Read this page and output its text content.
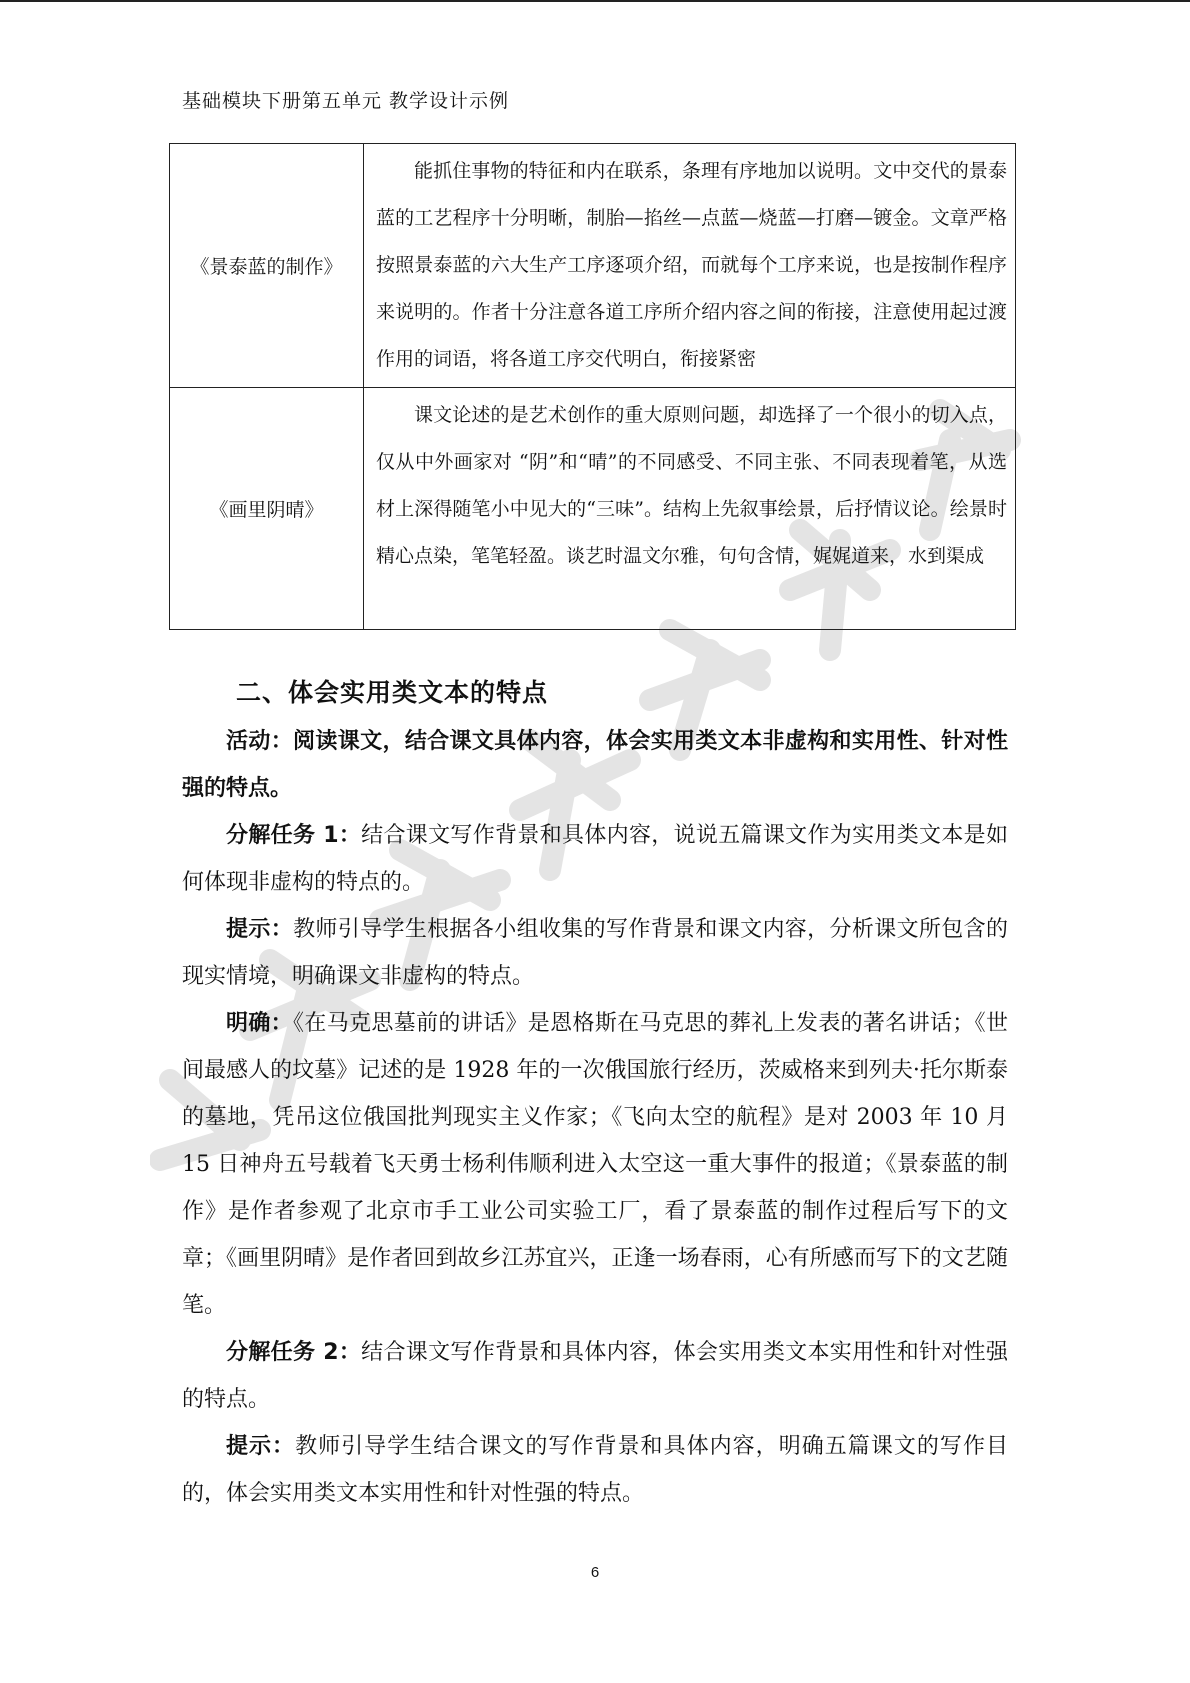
基础模块下册第五单元 教学设计示例
《景泰蓝的制作》	能抓住事物的特征和内在联系，条理有序地加以说明。文中交代的景泰蓝的工艺程序十分明晰，制胎—掐丝—点蓝—烧蓝—打磨—镀金。文章严格按照景泰蓝的六大生产工序逐项介绍，而就每个工序来说，也是按制作程序来说明的。作者十分注意各道工序所介绍内容之间的衔接，注意使用起过渡作用的词语，将各道工序交代明白，衔接紧密
《画里阴晴》	课文论述的是艺术创作的重大原则问题，却选择了一个很小的切入点，仅从中外画家对 “阴”和“晴”的不同感受、不同主张、不同表现着笔，从选材上深得随笔小中见大的“三味”。结构上先叙事绘景，后抒情议论。绘景时精心点染，笔笔轻盈。谈艺时温文尔雅，句句含情，娓娓道来，水到渠成
二、体会实用类文本的特点

活动：阅读课文，结合课文具体内容，体会实用类文本非虚构和实用性、针对性强的特点。

分解任务 1：结合课文写作背景和具体内容，说说五篇课文作为实用类文本是如何体现非虚构的特点的。

提示：教师引导学生根据各小组收集的写作背景和课文内容，分析课文所包含的现实情境，明确课文非虚构的特点。

明确：《在马克思墓前的讲话》是恩格斯在马克思的葬礼上发表的著名讲话；《世间最感人的坟墓》记述的是 1928 年的一次俄国旅行经历，茨威格来到列夫·托尔斯泰的墓地，凭吊这位俄国批判现实主义作家；《飞向太空的航程》是对 2003 年 10 月 15 日神舟五号载着飞天勇士杨利伟顺利进入太空这一重大事件的报道；《景泰蓝的制作》是作者参观了北京市手工业公司实验工厂，看了景泰蓝的制作过程后写下的文章；《画里阴晴》是作者回到故乡江苏宜兴，正逢一场春雨，心有所感而写下的文艺随笔。

分解任务 2：结合课文写作背景和具体内容，体会实用类文本实用性和针对性强的特点。

提示：教师引导学生结合课文的写作背景和具体内容，明确五篇课文的写作目的，体会实用类文本实用性和针对性强的特点。

6
